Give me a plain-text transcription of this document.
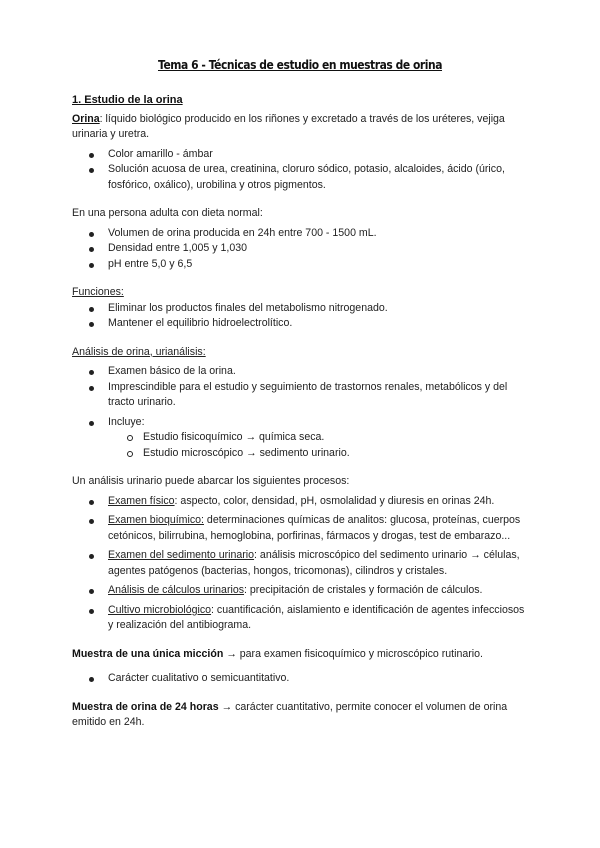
Tema 6 - Técnicas de estudio en muestras de orina
1. Estudio de la orina

Orina: líquido biológico producido en los riñones y excretado a través de los uréteres, vejiga urinaria y uretra.

Color amarillo - ámbar
Solución acuosa de urea, creatinina, cloruro sódico, potasio, alcaloides, ácido (úrico, fosfórico, oxálico), urobilina y otros pigmentos.

En una persona adulta con dieta normal:

Volumen de orina producida en 24h entre 700 - 1500 mL.
Densidad entre 1,005 y 1,030
pH entre 5,0 y 6,5

Funciones:

Eliminar los productos finales del metabolismo nitrogenado.
Mantener el equilibrio hidroelectrolítico.

Análisis de orina, urianálisis:

Examen básico de la orina.
Imprescindible para el estudio y seguimiento de trastornos renales, metabólicos y del tracto urinario.
Incluye:
Estudio fisicoquímico → química seca.
Estudio microscópico → sedimento urinario.

Un análisis urinario puede abarcar los siguientes procesos:

Examen físico: aspecto, color, densidad, pH, osmolalidad y diuresis en orinas 24h.
Examen bioquímico: determinaciones químicas de analitos: glucosa, proteínas, cuerpos cetónicos, bilirrubina, hemoglobina, porfirinas, fármacos y drogas, test de embarazo...
Examen del sedimento urinario: análisis microscópico del sedimento urinario → células, agentes patógenos (bacterias, hongos, tricomonas), cilindros y cristales.
Análisis de cálculos urinarios: precipitación de cristales y formación de cálculos.
Cultivo microbiológico: cuantificación, aislamiento e identificación de agentes infecciosos y realización del antibiograma.

Muestra de una única micción → para examen fisicoquímico y microscópico rutinario.

Carácter cualitativo o semicuantitativo.

Muestra de orina de 24 horas → carácter cuantitativo, permite conocer el volumen de orina emitido en 24h.
